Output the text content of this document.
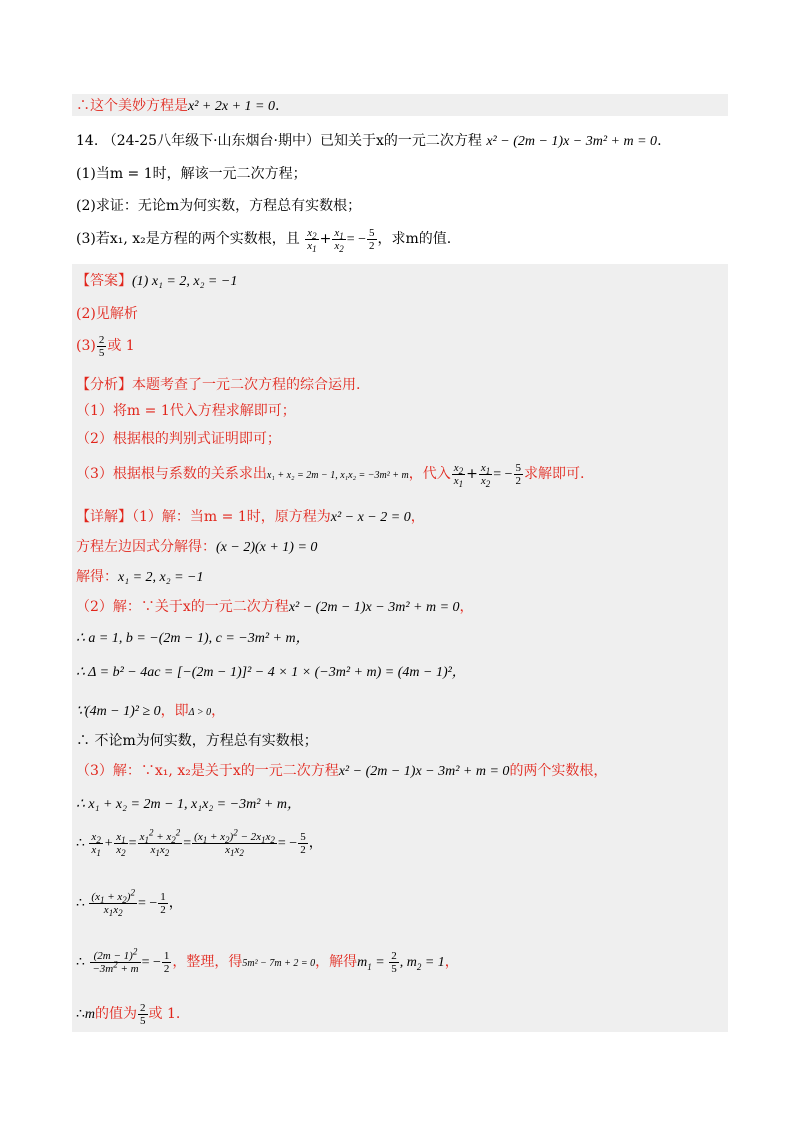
∴这个美妙方程是x² + 2x + 1 = 0.
14. （24-25八年级下·山东烟台·期中）已知关于x的一元二次方程 x² − (2m − 1)x − 3m² + m = 0.
(1)当m = 1时，解该一元二次方程；
(2)求证：无论m为何实数，方程总有实数根；
(3)若x₁, x₂是方程的两个实数根，且 $\frac{x_2}{x_1} + \frac{x_1}{x_2}$ = − $\frac{5}{2}$ ，求m的值.
【答案】(1) x₁ = 2, x₂ = −1
(2)见解析
$(3) \frac{2}{5}$ 或 1
【分析】本题考查了一元二次方程的综合运用.
（1）将m = 1代入方程求解即可；
（2）根据根的判别式证明即可；
（3）根据根与系数的关系求出x₁ + x₂ = 2m − 1, x₁x₂ = −3m² + m，代入 $\frac{x_2}{x_1} + \frac{x_1}{x_2}$ = − $\frac{5}{2}$ 求解即可.
【详解】（1）解：当m = 1时，原方程为x² − x − 2 = 0，
方程左边因式分解得：(x − 2)(x + 1) = 0
解得：x₁ = 2, x₂ = −1
（2）解：∵关于x的一元二次方程x² − (2m − 1)x − 3m² + m = 0，
∴ a = 1, b = −(2m − 1), c = −3m² + m，
∴ Δ = b² − 4ac = [−(2m − 1)]² − 4 × 1 × (−3m² + m) = (4m − 1)²，
∵(4m − 1)² ≥ 0，即Δ > 0，
∴ 不论m为何实数，方程总有实数根；
（3）解：∵x₁, x₂是关于x的一元二次方程x² − (2m − 1)x − 3m² + m = 0的两个实数根，
∴ x₁ + x₂ = 2m − 1, x₁x₂ = −3m² + m，
∴ $\frac{x_2}{x_1} + \frac{x_1}{x_2} = \frac{x_1^2 + x_2^2}{x_1x_2} = \frac{(x_1 + x_2)^2 - 2x_1x_2}{x_1x_2}$ = − $\frac{5}{2}$ ，
∴ $\frac{(x_1 + x_2)^2}{x_1x_2}$ = − $\frac{1}{2}$ ，
∴ $\frac{(2m - 1)^2}{-3m^2 + m}$ = − $\frac{1}{2}$ ，整理，得5m² − 7m + 2 = 0，解得$m_1 = \frac{2}{5}$ , $m_2 = 1$，
∴m的值为 $\frac{2}{5}$ 或 1.
